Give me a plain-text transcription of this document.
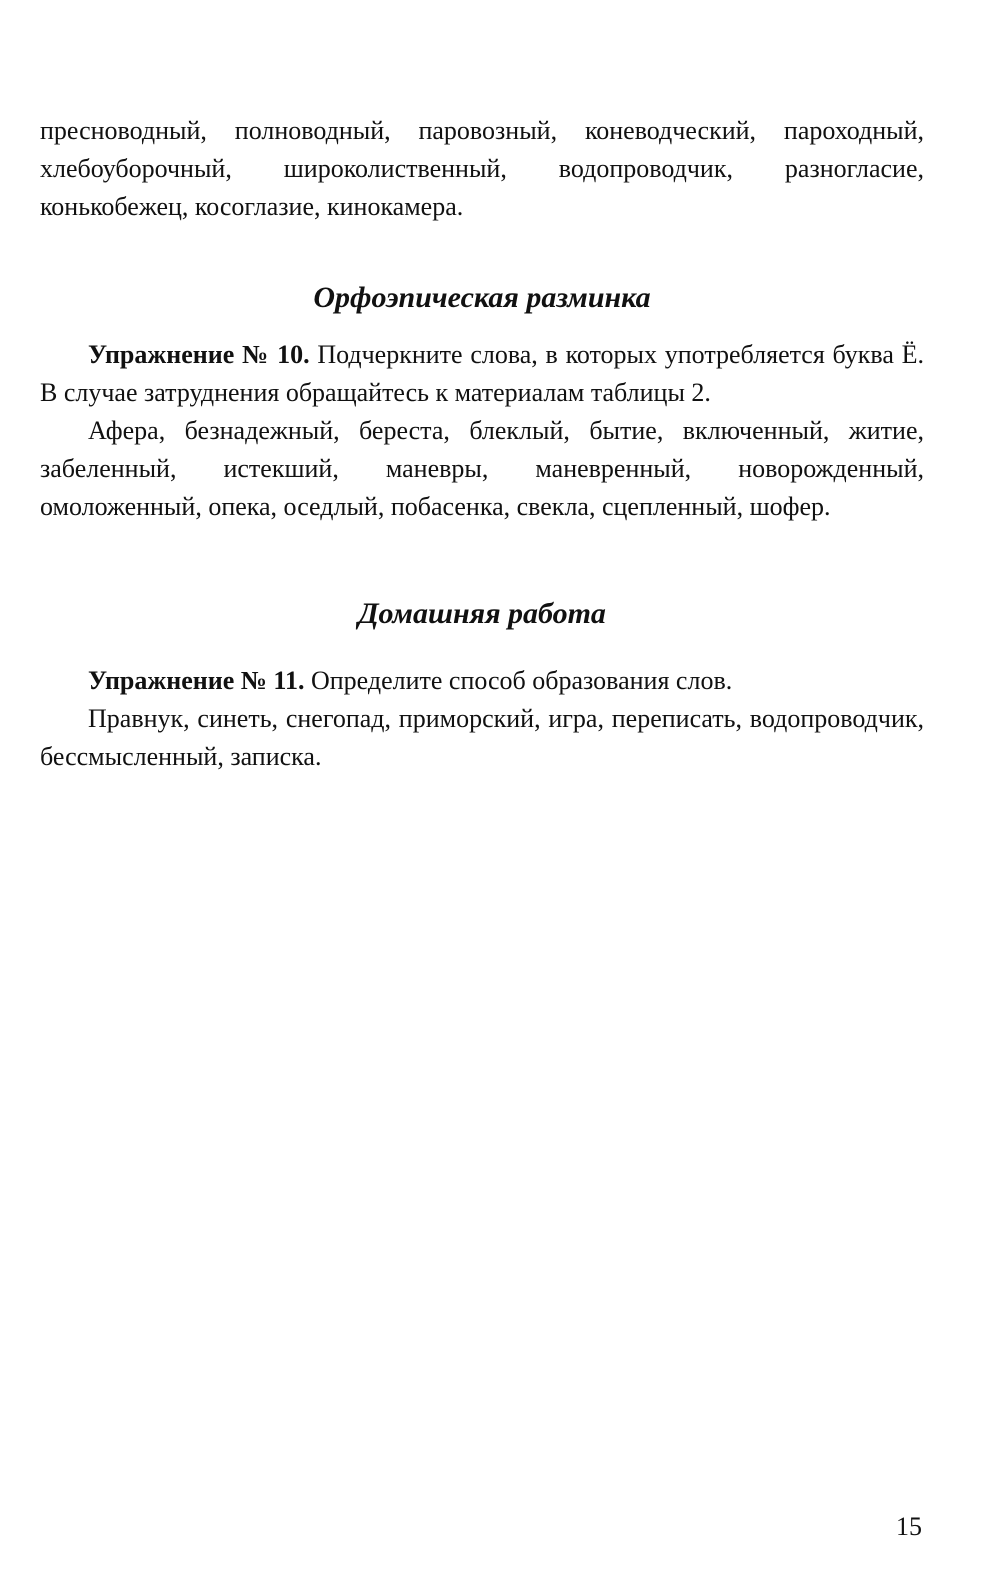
пресноводный, полноводный, паровозный, коневодческий, пароходный, хлебоуборочный, широколиственный, водопроводчик, разногласие, конькобежец, косоглазие, кинокамера.

Орфоэпическая разминка

Упражнение № 10. Подчеркните слова, в которых употребляется буква Ё. В случае затруднения обращайтесь к материалам таблицы 2.

Афера, безнадежный, береста, блеклый, бытие, включенный, житие, забеленный, истекший, маневры, маневренный, новорожденный, омоложенный, опека, оседлый, побасенка, свекла, сцепленный, шофер.

Домашняя работа

Упражнение № 11. Определите способ образования слов.

Правнук, синеть, снегопад, приморский, игра, переписать, водопроводчик, бессмысленный, записка.

15
